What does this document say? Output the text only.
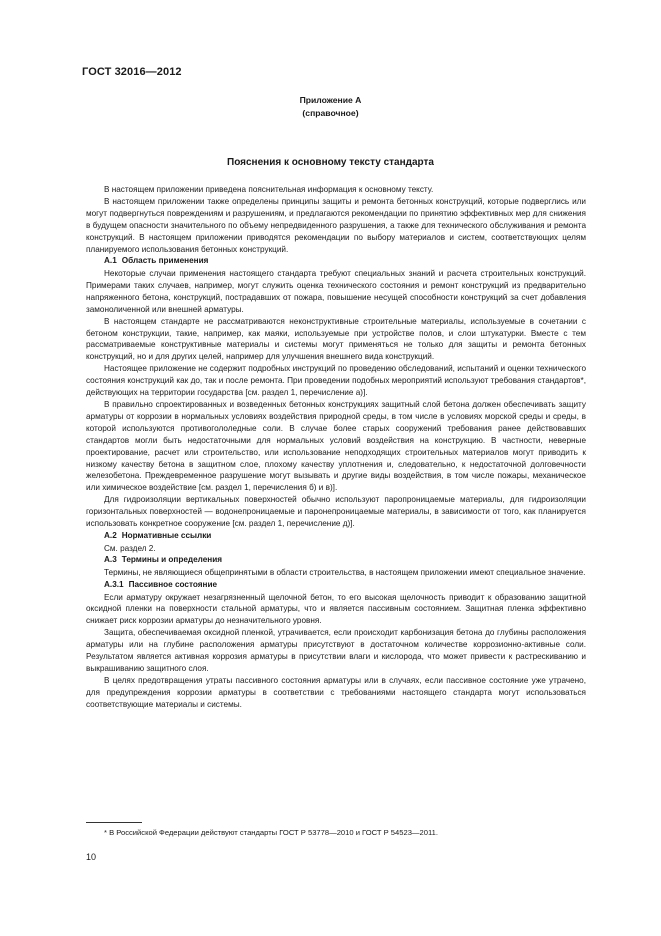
ГОСТ 32016—2012
Приложение А
(справочное)
Пояснения к основному тексту стандарта

В настоящем приложении приведена пояснительная информация к основному тексту.

В настоящем приложении также определены принципы защиты и ремонта бетонных конструкций, которые подверглись или могут подвергнуться повреждениям и разрушениям, и предлагаются рекомендации по принятию эффективных мер для снижения в будущем опасности значительного по объему непредвиденного разрушения, а также для технического обслуживания и ремонта конструкций. В настоящем приложении приводятся рекомендации по выбору материалов и систем, соответствующих целям планируемого использования бетонных конструкций.

А.1 Область применения

Некоторые случаи применения настоящего стандарта требуют специальных знаний и расчета строительных конструкций. Примерами таких случаев, например, могут служить оценка технического состояния и ремонт конструкций из предварительно напряженного бетона, конструкций, пострадавших от пожара, повышение несущей способности конструкций за счет добавления замоноличенной или внешней арматуры.

В настоящем стандарте не рассматриваются неконструктивные строительные материалы, используемые в сочетании с бетоном конструкции, такие, например, как маяки, используемые при устройстве полов, и слои штукатурки. Вместе с тем рассматриваемые конструктивные материалы и системы могут применяться не только для защиты и ремонта бетонных конструкций, но и для других целей, например для улучшения внешнего вида конструкций.

Настоящее приложение не содержит подробных инструкций по проведению обследований, испытаний и оценки технического состояния конструкций как до, так и после ремонта. При проведении подобных мероприятий используют требования стандартов*, действующих на территории государства [см. раздел 1, перечисление а)].

В правильно спроектированных и возведенных бетонных конструкциях защитный слой бетона должен обеспечивать защиту арматуры от коррозии в нормальных условиях воздействия природной среды, в том числе в условиях морской среды и среды, в которой используются противогололедные соли. В случае более старых сооружений требования ранее действовавших стандартов могли быть недостаточными для нормальных условий воздействия на конструкцию. В частности, неверные проектирование, расчет или строительство, или использование неподходящих строительных материалов могут приводить к низкому качеству бетона в защитном слое, плохому качеству уплотнения и, следовательно, к недостаточной долговечности железобетона. Преждевременное разрушение могут вызывать и другие виды воздействия, в том числе пожары, механическое или химическое воздействие [см. раздел 1, перечисления б) и в)].

Для гидроизоляции вертикальных поверхностей обычно используют паропроницаемые материалы, для гидроизоляции горизонтальных поверхностей — водонепроницаемые и паронепроницаемые материалы, в зависимости от того, как планируется использовать конкретное сооружение [см. раздел 1, перечисление д)].

А.2 Нормативные ссылки

См. раздел 2.

А.3 Термины и определения

Термины, не являющиеся общепринятыми в области строительства, в настоящем приложении имеют специальное значение.

А.3.1 Пассивное состояние

Если арматуру окружает незагрязненный щелочной бетон, то его высокая щелочность приводит к образованию защитной оксидной пленки на поверхности стальной арматуры, что и является пассивным состоянием. Защитная пленка эффективно снижает риск коррозии арматуры до незначительного уровня.

Защита, обеспечиваемая оксидной пленкой, утрачивается, если происходит карбонизация бетона до глубины расположения арматуры или на глубине расположения арматуры присутствуют в достаточном количестве коррозионно-активные соли. Результатом является активная коррозия арматуры в присутствии влаги и кислорода, что может привести к растрескиванию и выкрашиванию защитного слоя.

В целях предотвращения утраты пассивного состояния арматуры или в случаях, если пассивное состояние уже утрачено, для предупреждения коррозии арматуры в соответствии с требованиями настоящего стандарта могут использоваться соответствующие материалы и системы.

* В Российской Федерации действуют стандарты ГОСТ Р 53778—2010 и ГОСТ Р 54523—2011.
10
